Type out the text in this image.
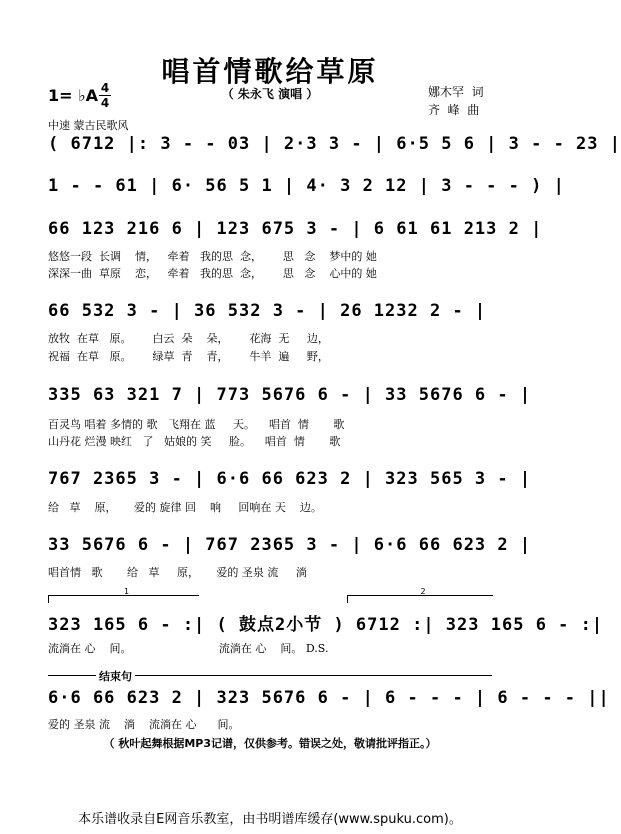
唱首情歌给草原
（ 朱永飞 演唱 ）	娜木罕  词
齐  峰  曲
1= ♭A 4
4
中速 蒙古民歌风
( 6712 |: 3 - - 03 | 2·3 3 - | 6·5 5 6 | 3 - - 23 |
1 - - 61 | 6· 56 5 1 | 4· 3 2 12 | 3 - - - ) |
66 123 216 6 | 123 675 3 - | 6 61 61 213 2 |
悠悠一段  长调    情，   牵着   我的思  念，      思   念    梦中的 她
深深一曲  草原    恋，   牵着   我的思  念，      思   念    心中的 她
66 532 3 - | 36 532 3 - | 26 1232 2 - |
放牧  在草   原。      白云  朵    朵，      花海  无     边，
祝福  在草   原。      绿草  青    青，      牛羊  遍     野，
335 63 321 7 | 773 5676 6 - | 33 5676 6 - |
百灵鸟 唱着 多情的 歌   飞翔在 蓝     天。    唱首  情       歌
山丹花 烂漫 映红   了   姑娘的 笑     脸。    唱首  情       歌
767 2365 3 - | 6·6 66 623 2 | 323 565 3 - |
给   草    原，     爱的 旋律 回    响     回响在 天    边。
33 5676 6 - | 767 2365 3 - | 6·6 66 623 2 |
唱首情   歌       给   草     原，     爱的 圣泉 流     淌
1	2
323 165 6 - :| ( 鼓点2小节 ) 6712 :| 323 165 6 - :|
流淌在 心    间。                         流淌在 心    间。 D.S.
结束句
6·6 66 623 2 | 323 5676 6 - | 6 - - - | 6 - - - ||
爱的 圣泉 流    淌    流淌在 心      间。
（ 秋叶起舞根据MP3记谱，仅供参考。错误之处，敬请批评指正。）
本乐谱收录自E网音乐教室，由书明谱库缓存(www.spuku.com)。
